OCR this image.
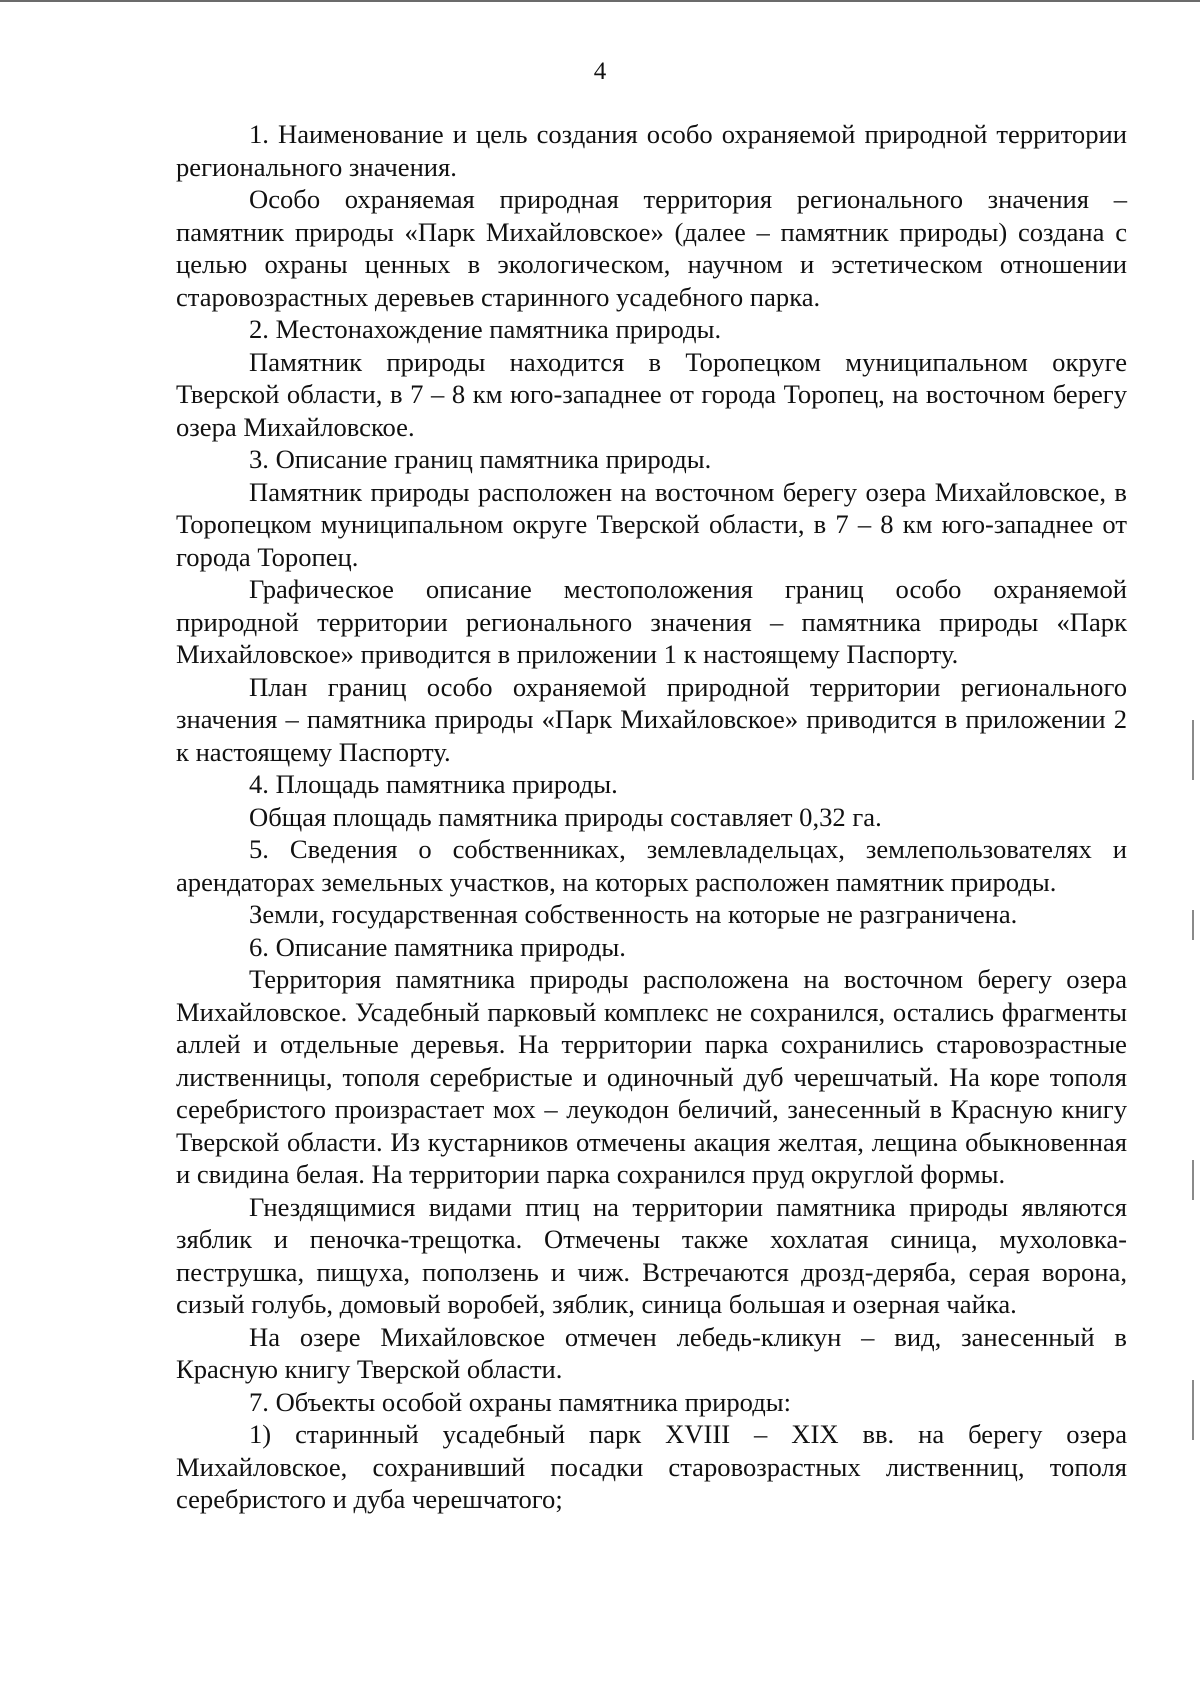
4

1. Наименование и цель создания особо охраняемой природной территории регионального значения.

Особо охраняемая природная территория регионального значения – памятник природы «Парк Михайловское» (далее – памятник природы) создана с целью охраны ценных в экологическом, научном и эстетическом отношении старовозрастных деревьев старинного усадебного парка.

2. Местонахождение памятника природы.

Памятник природы находится в Торопецком муниципальном округе Тверской области, в 7 – 8 км юго-западнее от города Торопец, на восточном берегу озера Михайловское.

3. Описание границ памятника природы.

Памятник природы расположен на восточном берегу озера Михайловское, в Торопецком муниципальном округе Тверской области, в 7 – 8 км юго-западнее от города Торопец.

Графическое описание местоположения границ особо охраняемой природной территории регионального значения – памятника природы «Парк Михайловское» приводится в приложении 1 к настоящему Паспорту.

План границ особо охраняемой природной территории регионального значения – памятника природы «Парк Михайловское» приводится в приложении 2 к настоящему Паспорту.

4. Площадь памятника природы.

Общая площадь памятника природы составляет 0,32 га.

5. Сведения о собственниках, землевладельцах, землепользователях и арендаторах земельных участков, на которых расположен памятник природы.

Земли, государственная собственность на которые не разграничена.

6. Описание памятника природы.

Территория памятника природы расположена на восточном берегу озера Михайловское. Усадебный парковый комплекс не сохранился, остались фрагменты аллей и отдельные деревья. На территории парка сохранились старовозрастные лиственницы, тополя серебристые и одиночный дуб черешчатый. На коре тополя серебристого произрастает мох – леукодон беличий, занесенный в Красную книгу Тверской области. Из кустарников отмечены акация желтая, лещина обыкновенная и свидина белая. На территории парка сохранился пруд округлой формы.

Гнездящимися видами птиц на территории памятника природы являются зяблик и пеночка-трещотка. Отмечены также хохлатая синица, мухоловка-пеструшка, пищуха, поползень и чиж. Встречаются дрозд-деряба, серая ворона, сизый голубь, домовый воробей, зяблик, синица большая и озерная чайка.

На озере Михайловское отмечен лебедь-кликун – вид, занесенный в Красную книгу Тверской области.

7. Объекты особой охраны памятника природы:

1) старинный усадебный парк XVIII – XIX вв. на берегу озера Михайловское, сохранивший посадки старовозрастных лиственниц, тополя серебристого и дуба черешчатого;
